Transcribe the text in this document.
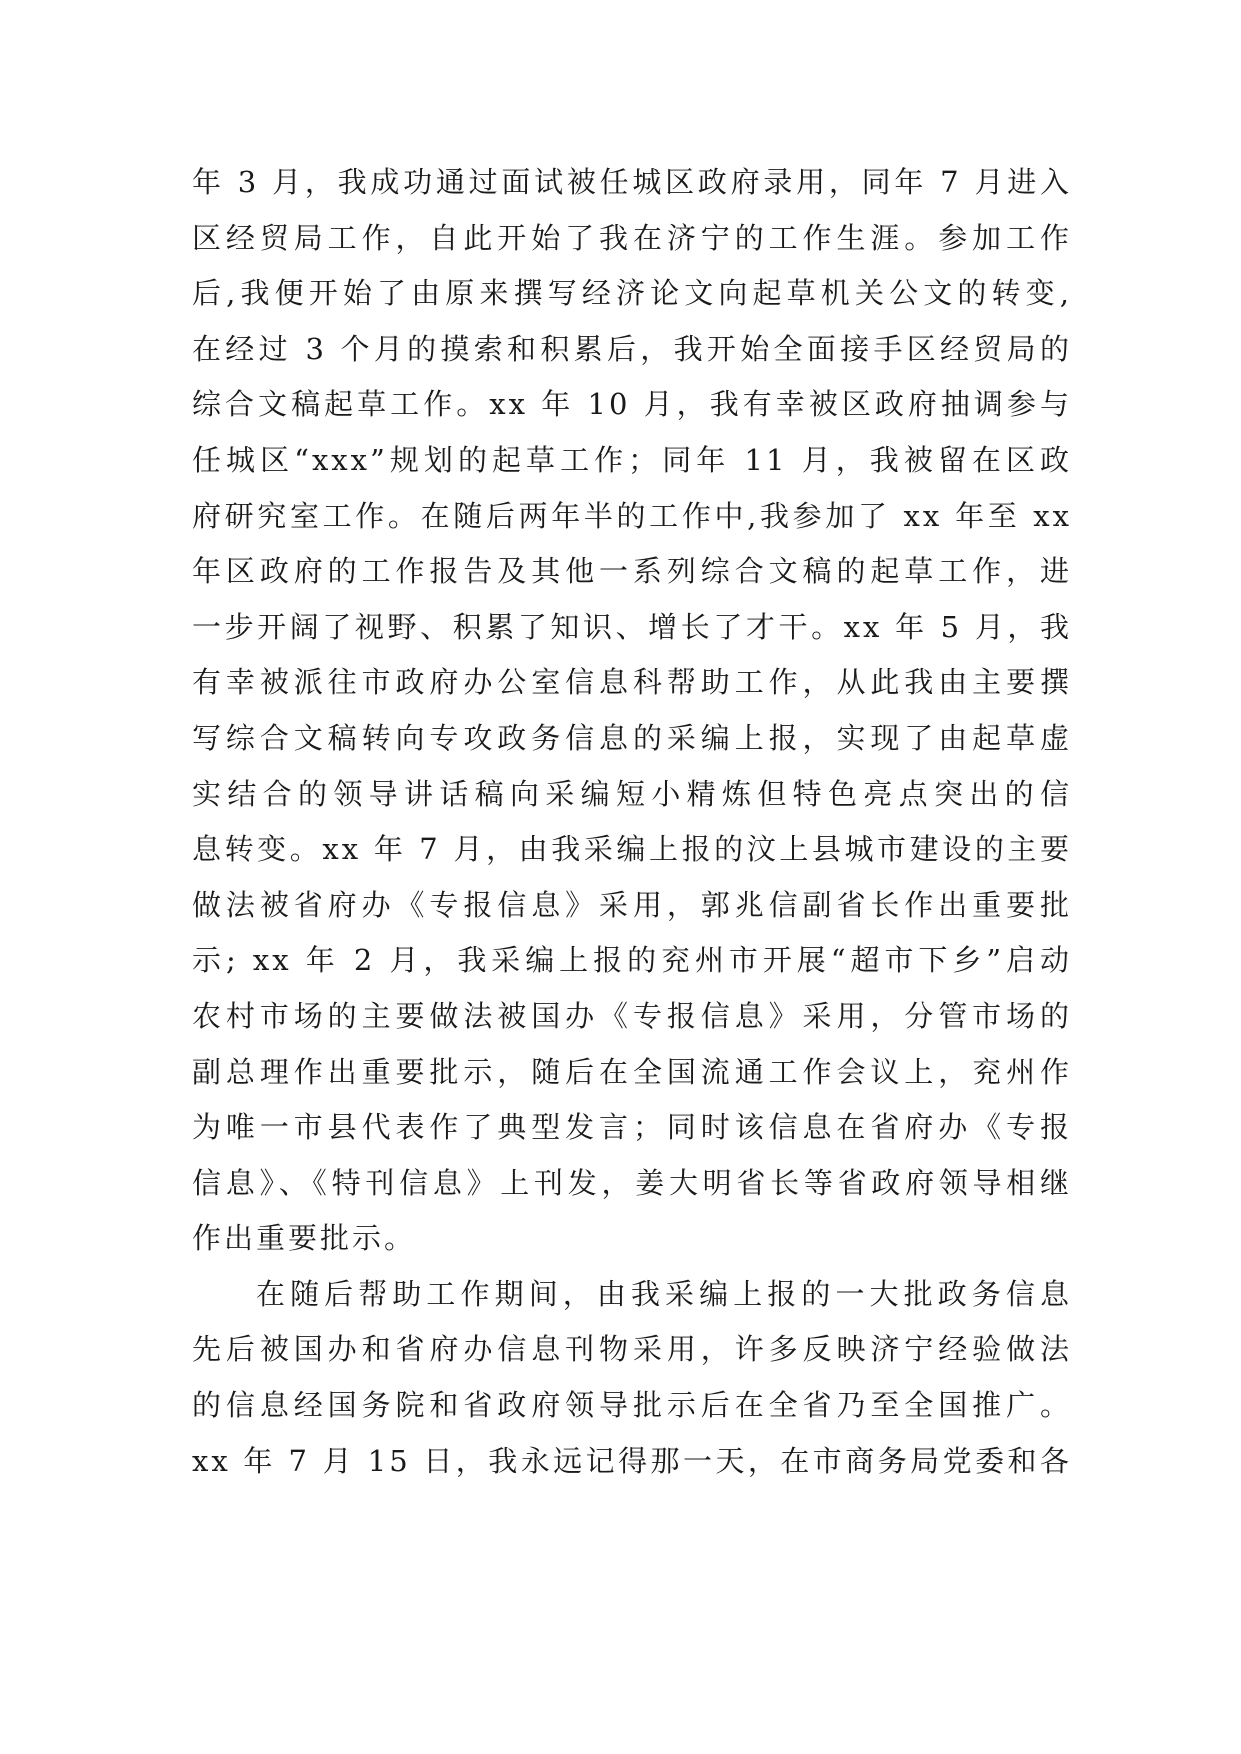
年 3 月，我成功通过面试被任城区政府录用，同年 7 月进入
区经贸局工作，自此开始了我在济宁的工作生涯。参加工作
后,我便开始了由原来撰写经济论文向起草机关公文的转变,
在经过 3 个月的摸索和积累后，我开始全面接手区经贸局的
综合文稿起草工作。xx 年 10 月，我有幸被区政府抽调参与
任城区“xxx”规划的起草工作；同年 11 月，我被留在区政
府研究室工作。在随后两年半的工作中,我参加了 xx 年至 xx
年区政府的工作报告及其他一系列综合文稿的起草工作，进
一步开阔了视野、积累了知识、增长了才干。xx 年 5 月，我
有幸被派往市政府办公室信息科帮助工作，从此我由主要撰
写综合文稿转向专攻政务信息的采编上报，实现了由起草虚
实结合的领导讲话稿向采编短小精炼但特色亮点突出的信
息转变。xx 年 7 月，由我采编上报的汶上县城市建设的主要
做法被省府办《专报信息》采用，郭兆信副省长作出重要批
示; xx 年 2 月，我采编上报的兖州市开展“超市下乡”启动
农村市场的主要做法被国办《专报信息》采用，分管市场的
副总理作出重要批示，随后在全国流通工作会议上，兖州作
为唯一市县代表作了典型发言；同时该信息在省府办《专报
信息》、《特刊信息》上刊发，姜大明省长等省政府领导相继
作出重要批示。
在随后帮助工作期间，由我采编上报的一大批政务信息
先后被国办和省府办信息刊物采用，许多反映济宁经验做法
的信息经国务院和省政府领导批示后在全省乃至全国推广。
xx 年 7 月 15 日，我永远记得那一天，在市商务局党委和各
